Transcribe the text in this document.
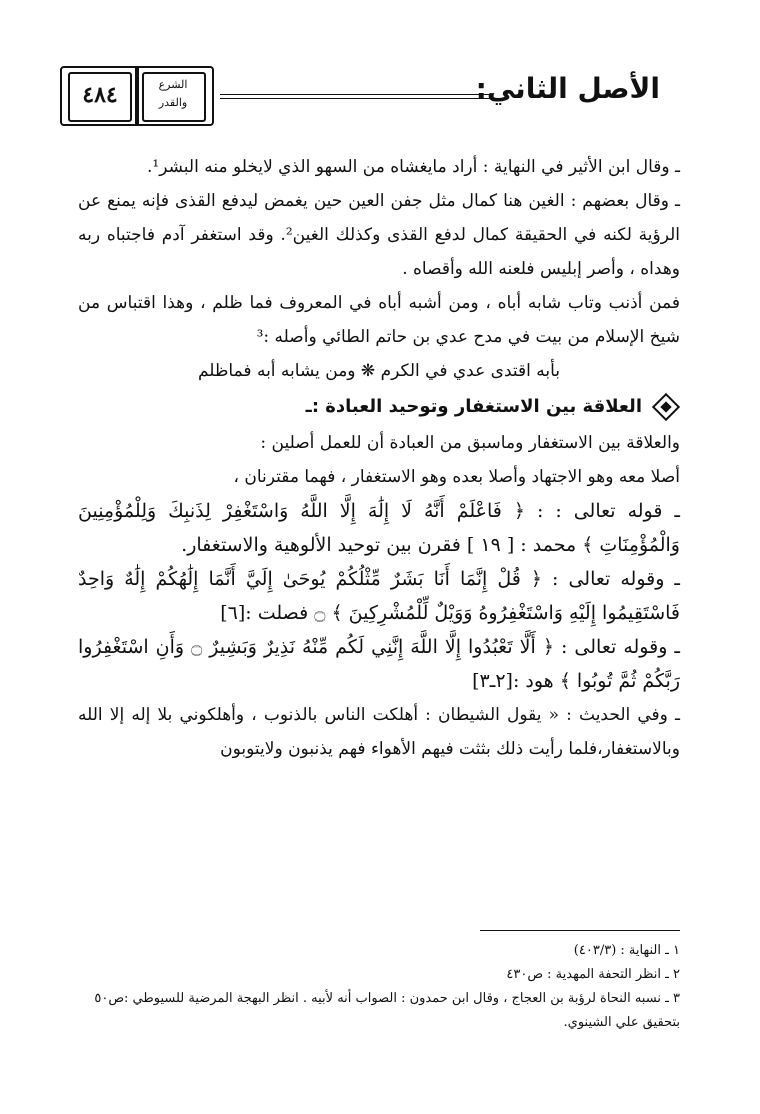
٤٨٤	الشرع
والقدر	الأصل الثاني:

ـ وقال ابن الأثير في النهاية : أراد مايغشاه من السهو الذي لايخلو منه البشر¹.

ـ وقال بعضهم : الغين هنا كمال مثل جفن العين حين يغمض ليدفع القذى فإنه يمنع عن الرؤية لكنه في الحقيقة كمال لدفع القذى وكذلك الغين². وقد استغفر آدم فاجتباه ربه وهداه ، وأصر إبليس فلعنه الله وأقصاه .

فمن أذنب وتاب شابه أباه ، ومن أشبه أباه في المعروف فما ظلم ، وهذا اقتباس من شيخ الإسلام من بيت في مدح عدي بن حاتم الطائي وأصله :³

بأبه اقتدى عدي في الكرم ❋ ومن يشابه أبه فماظلم

العلاقة بين الاستغفار وتوحيد العبادة :ـ

والعلاقة بين الاستغفار وماسبق من العبادة أن للعمل أصلين :

أصلا معه وهو الاجتهاد وأصلا بعده وهو الاستغفار ، فهما مقترنان ،

ـ قوله تعالى : : ﴿ فَاعْلَمْ أَنَّهُ لَا إِلَٰهَ إِلَّا اللَّهُ وَاسْتَغْفِرْ لِذَنبِكَ وَلِلْمُؤْمِنِينَ وَالْمُؤْمِنَاتِ ﴾ محمد : [ ١٩ ] فقرن بين توحيد الألوهية والاستغفار.

ـ وقوله تعالى : ﴿ قُلْ إِنَّمَا أَنَا بَشَرٌ مِّثْلُكُمْ يُوحَىٰ إِلَيَّ أَنَّمَا إِلَٰهُكُمْ إِلَٰهٌ وَاحِدٌ فَاسْتَقِيمُوا إِلَيْهِ وَاسْتَغْفِرُوهُ وَوَيْلٌ لِّلْمُشْرِكِينَ ﴾ ۝ فصلت :[٦]

ـ وقوله تعالى : ﴿ أَلَّا تَعْبُدُوا إِلَّا اللَّهَ إِنَّنِي لَكُم مِّنْهُ نَذِيرٌ وَبَشِيرٌ ۝ وَأَنِ اسْتَغْفِرُوا رَبَّكُمْ ثُمَّ تُوبُوا ﴾ هود :[٢ـ٣]

ـ وفي الحديث : « يقول الشيطان : أهلكت الناس بالذنوب ، وأهلكوني بلا إله إلا الله وبالاستغفار،فلما رأيت ذلك بثثت فيهم الأهواء فهم يذنبون ولايتوبون

١ ـ النهاية : (٤٠٣/٣)

٢ ـ انظر التحفة المهدية : ص٤٣٠

٣ ـ نسبه النحاة لرؤبة بن العجاج ، وقال ابن حمدون : الصواب أنه لأبيه . انظر البهجة المرضية للسيوطي :ص٥٠ بتحقيق علي الشينوي.
